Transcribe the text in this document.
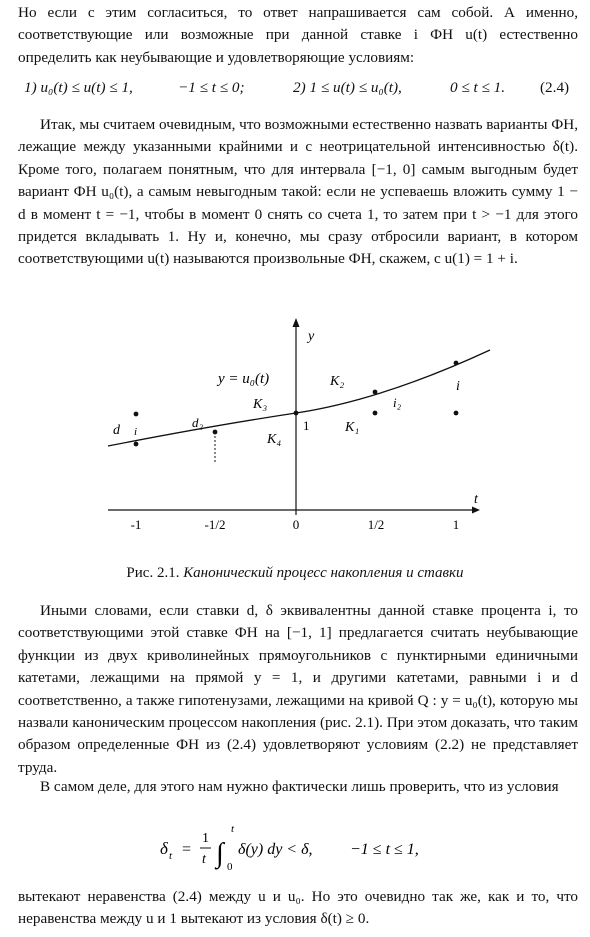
Но если с этим согласиться, то ответ напрашивается сам собой. А именно, соответствующие или возможные при данной ставке i ФН u(t) естественно определить как неубывающие и удовлетворяющие условиям:

1) u₀(t) ≤ u(t) ≤ 1,	−1 ≤ t ≤ 0;	2) 1 ≤ u(t) ≤ u₀(t),	0 ≤ t ≤ 1. (2.4)

Итак, мы считаем очевидным, что возможными естественно назвать варианты ФН, лежащие между указанными крайними и с неотрицательной интенсивностью δ(t). Кроме того, полагаем понятным, что для интервала [−1, 0] самым выгодным будет вариант ФН u₀(t), а самым невыгодным такой: если не успеваешь вложить сумму 1 − d в момент t = −1, чтобы в момент 0 снять со счета 1, то затем при t > −1 для этого придется вкладывать 1. Ну и, конечно, мы сразу отбросили вариант, в котором соответствующими u(t) называются произвольные ФН, скажем, с u(1) = 1 + i.

y
t
y = u₀(t)	K₂
K₃
K₄
K₁
1
d i
d₂
i₂
i
-1	-1/2	0	1/2	1
Рис. 2.1. Канонический процесс накопления и ставки

Иными словами, если ставки d, δ эквивалентны данной ставке процента i, то соответствующими этой ставке ФН на [−1, 1] предлагается считать неубывающие функции из двух криволинейных прямоугольников с пунктирными единичными катетами, лежащими на прямой y = 1, и другими катетами, равными i и d соответственно, а также гипотенузами, лежащими на кривой Q : y = u₀(t), которую мы назвали каноническим процессом накопления (рис. 2.1). При этом доказать, что таким образом определенные ФН из (2.4) удовлетворяют условиям (2.2) не представляет труда.

В самом деле, для этого нам нужно фактически лишь проверить, что из условия

δ t =
1
t ∫
t
0
δ(y) dy < δ, −1 ≤ t ≤ 1,

вытекают неравенства (2.4) между u и u₀. Но это очевидно так же, как и то, что неравенства между u и 1 вытекают из условия δ(t) ≥ 0.
